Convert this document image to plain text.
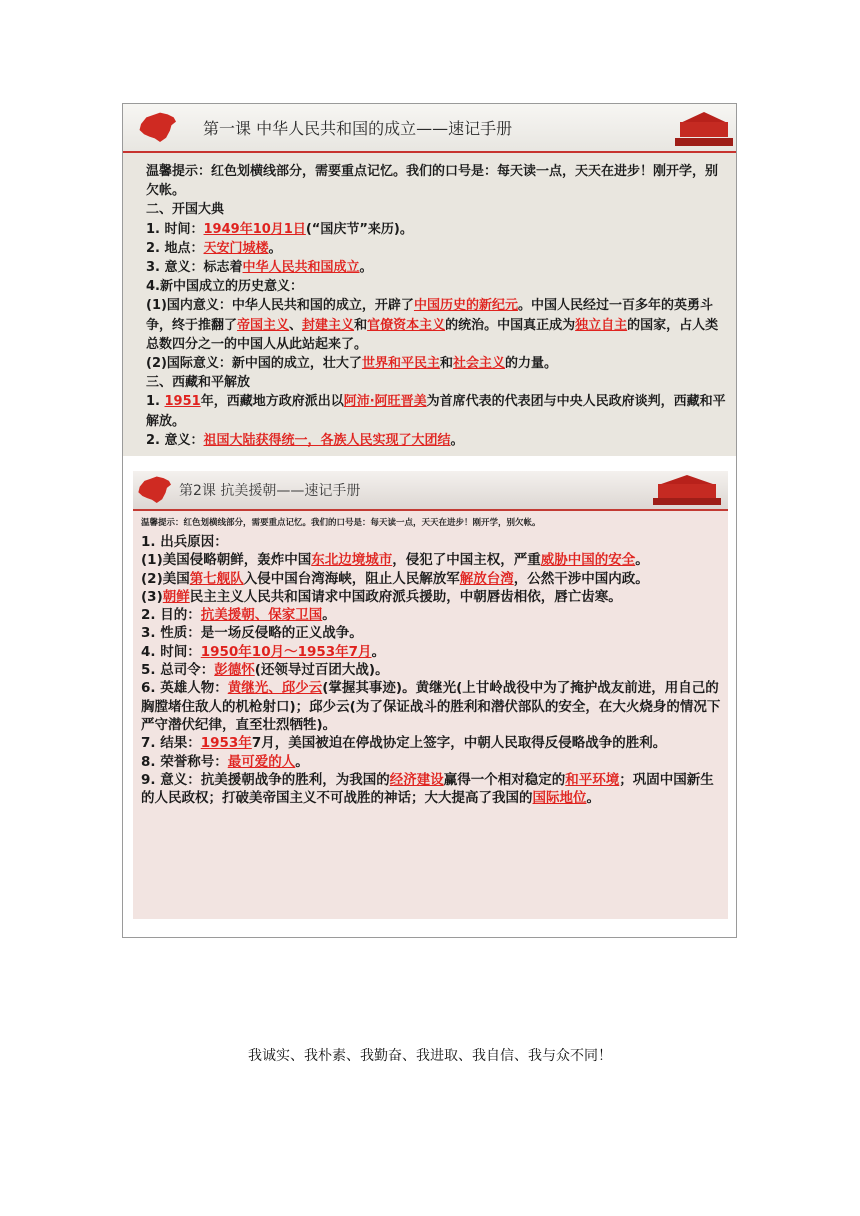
第一课 中华人民共和国的成立——速记手册

温馨提示：红色划横线部分，需要重点记忆。我们的口号是：每天读一点，天天在进步！刚开学，别欠帐。

二、开国大典

1. 时间：1949年10月1日(“国庆节”来历)。

2. 地点：天安门城楼。

3. 意义：标志着中华人民共和国成立。

4.新中国成立的历史意义：

(1)国内意义：中华人民共和国的成立，开辟了中国历史的新纪元。中国人民经过一百多年的英勇斗争，终于推翻了帝国主义、封建主义和官僚资本主义的统治。中国真正成为独立自主的国家，占人类总数四分之一的中国人从此站起来了。

(2)国际意义：新中国的成立，壮大了世界和平民主和社会主义的力量。

三、西藏和平解放

1. 1951年，西藏地方政府派出以阿沛·阿旺晋美为首席代表的代表团与中央人民政府谈判，西藏和平解放。

2. 意义：祖国大陆获得统一，各族人民实现了大团结。

第2课 抗美援朝——速记手册
温馨提示：红色划横线部分，需要重点记忆。我们的口号是：每天读一点，天天在进步！刚开学，别欠帐。

1. 出兵原因：

(1)美国侵略朝鲜，轰炸中国东北边境城市，侵犯了中国主权，严重威胁中国的安全。

(2)美国第七舰队入侵中国台湾海峡，阻止人民解放军解放台湾，公然干涉中国内政。

(3)朝鲜民主主义人民共和国请求中国政府派兵援助，中朝唇齿相依，唇亡齿寒。

2. 目的：抗美援朝、保家卫国。

3. 性质：是一场反侵略的正义战争。

4. 时间：1950年10月～1953年7月。

5. 总司令：彭德怀(还领导过百团大战)。

6. 英雄人物：黄继光、邱少云(掌握其事迹)。黄继光(上甘岭战役中为了掩护战友前进，用自己的胸膛堵住敌人的机枪射口)；邱少云(为了保证战斗的胜利和潜伏部队的安全，在大火烧身的情况下严守潜伏纪律，直至壮烈牺牲)。

7. 结果：1953年7月，美国被迫在停战协定上签字，中朝人民取得反侵略战争的胜利。

8. 荣誉称号：最可爱的人。

9. 意义：抗美援朝战争的胜利，为我国的经济建设赢得一个相对稳定的和平环境；巩固中国新生的人民政权；打破美帝国主义不可战胜的神话；大大提高了我国的国际地位。

我诚实、我朴素、我勤奋、我进取、我自信、我与众不同！
